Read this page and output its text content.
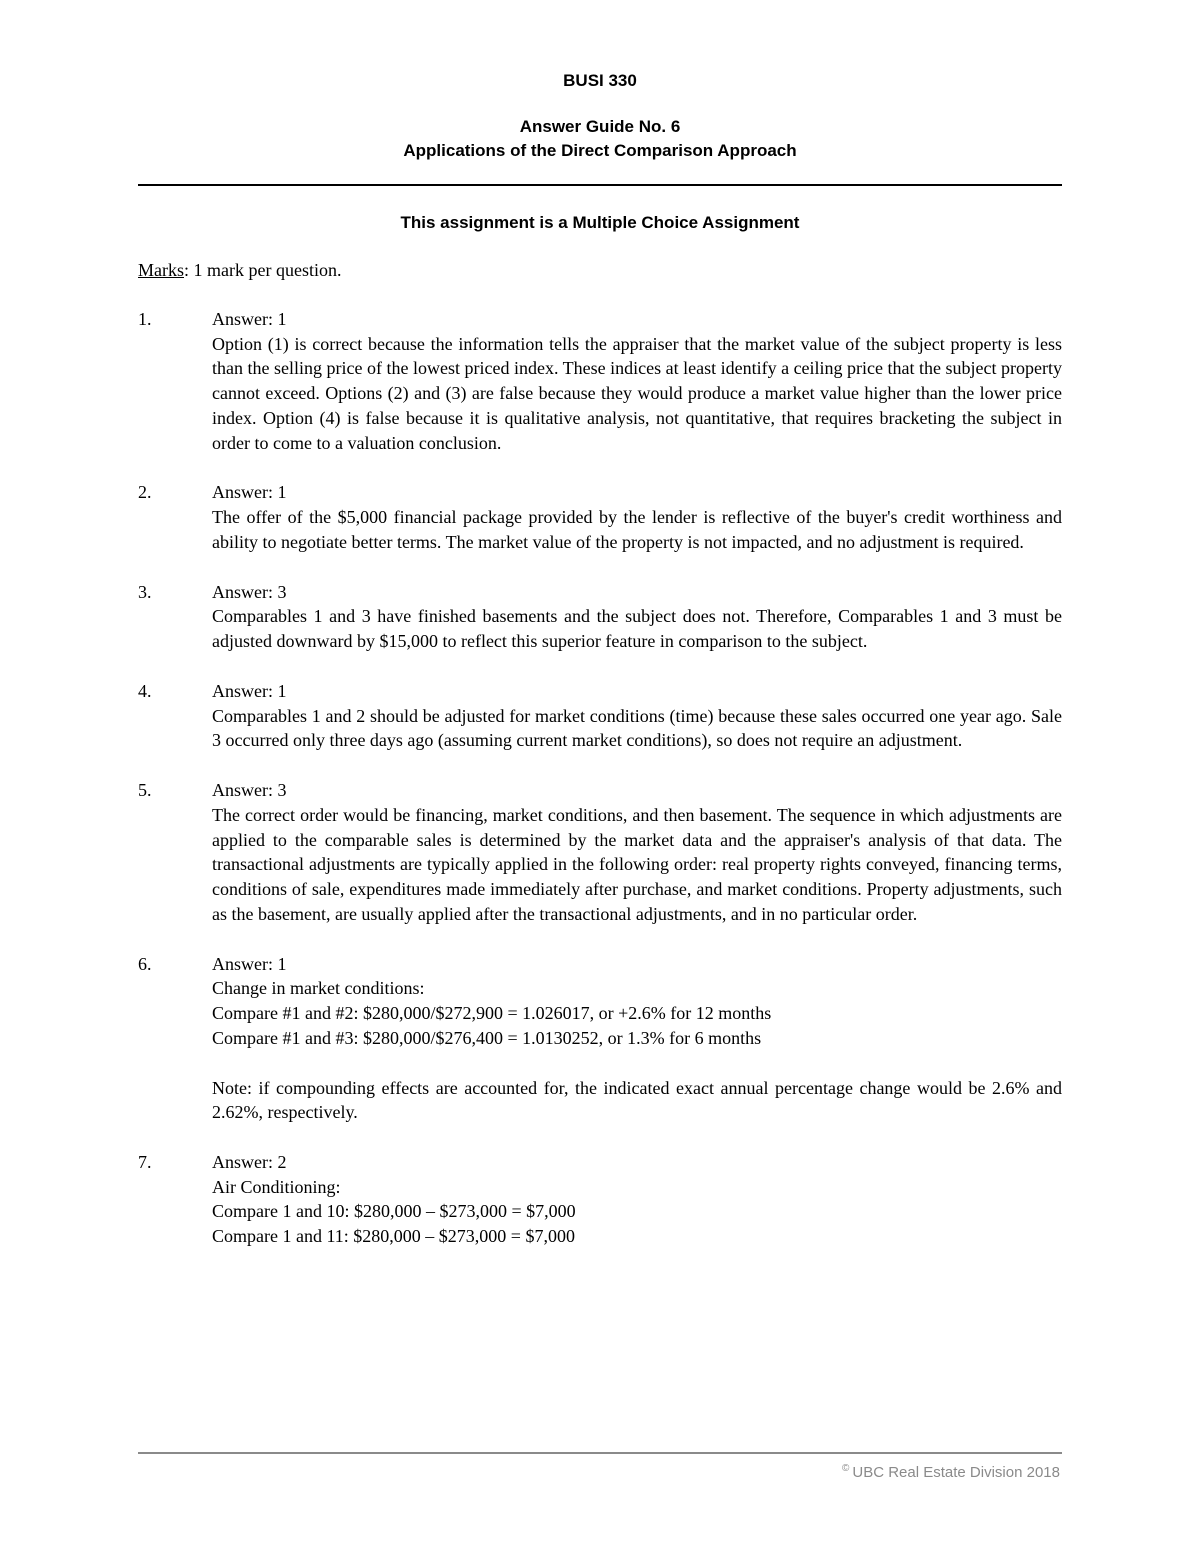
BUSI 330

Answer Guide No. 6

Applications of the Direct Comparison Approach

This assignment is a Multiple Choice Assignment

Marks: 1 mark per question.

1.	Answer: 1

Option (1) is correct because the information tells the appraiser that the market value of the subject property is less than the selling price of the lowest priced index. These indices at least identify a ceiling price that the subject property cannot exceed. Options (2) and (3) are false because they would produce a market value higher than the lower price index. Option (4) is false because it is qualitative analysis, not quantitative, that requires bracketing the subject in order to come to a valuation conclusion.

2.	Answer: 1

The offer of the $5,000 financial package provided by the lender is reflective of the buyer's credit worthiness and ability to negotiate better terms. The market value of the property is not impacted, and no adjustment is required.

3.	Answer: 3

Comparables 1 and 3 have finished basements and the subject does not. Therefore, Comparables 1 and 3 must be adjusted downward by $15,000 to reflect this superior feature in comparison to the subject.

4.	Answer: 1

Comparables 1 and 2 should be adjusted for market conditions (time) because these sales occurred one year ago. Sale 3 occurred only three days ago (assuming current market conditions), so does not require an adjustment.

5.	Answer: 3

The correct order would be financing, market conditions, and then basement. The sequence in which adjustments are applied to the comparable sales is determined by the market data and the appraiser's analysis of that data. The transactional adjustments are typically applied in the following order: real property rights conveyed, financing terms, conditions of sale, expenditures made immediately after purchase, and market conditions. Property adjustments, such as the basement, are usually applied after the transactional adjustments, and in no particular order.

6.	Answer: 1

Change in market conditions:

Compare #1 and #2: $280,000/$272,900 = 1.026017, or +2.6% for 12 months

Compare #1 and #3: $280,000/$276,400 = 1.0130252, or 1.3% for 6 months

Note: if compounding effects are accounted for, the indicated exact annual percentage change would be 2.6% and 2.62%, respectively.

7.	Answer: 2

Air Conditioning:

Compare 1 and 10: $280,000 – $273,000 = $7,000

Compare 1 and 11: $280,000 – $273,000 = $7,000

© UBC Real Estate Division 2018
